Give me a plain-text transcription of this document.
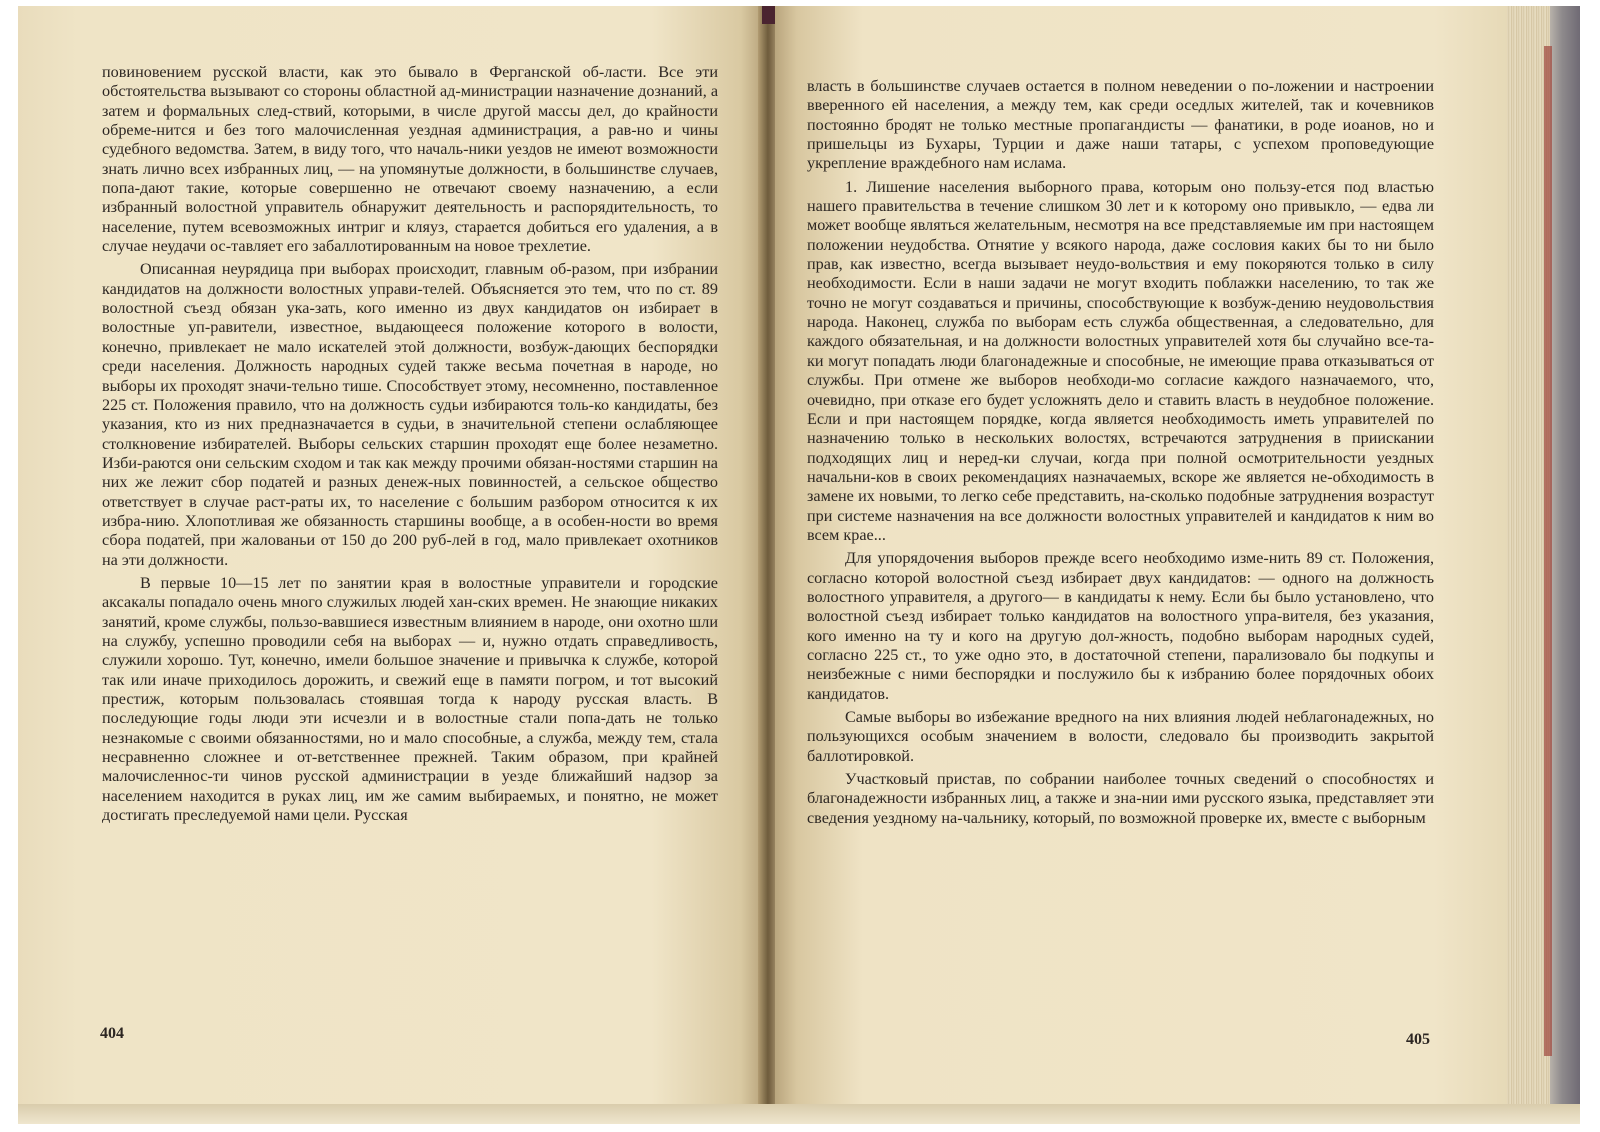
повиновением русской власти, как это бывало в Ферганской об-ласти. Все эти обстоятельства вызывают со стороны областной ад-министрации назначение дознаний, а затем и формальных след-ствий, которыми, в числе другой массы дел, до крайности обреме-нится и без того малочисленная уездная администрация, а рав-но и чины судебного ведомства. Затем, в виду того, что началь-ники уездов не имеют возможности знать лично всех избранных лиц, — на упомянутые должности, в большинстве случаев, попа-дают такие, которые совершенно не отвечают своему назначению, а если избранный волостной управитель обнаружит деятельность и распорядительность, то население, путем всевозможных интриг и кляуз, старается добиться его удаления, а в случае неудачи ос-тавляет его забаллотированным на новое трехлетие.

Описанная неурядица при выборах происходит, главным об-разом, при избрании кандидатов на должности волостных управи-телей. Объясняется это тем, что по ст. 89 волостной съезд обязан ука-зать, кого именно из двух кандидатов он избирает в волостные уп-равители, известное, выдающееся положение которого в волости, конечно, привлекает не мало искателей этой должности, возбуж-дающих беспорядки среди населения. Должность народных судей также весьма почетная в народе, но выборы их проходят значи-тельно тише. Способствует этому, несомненно, поставленное 225 ст. Положения правило, что на должность судьи избираются толь-ко кандидаты, без указания, кто из них предназначается в судьи, в значительной степени ослабляющее столкновение избирателей. Выборы сельских старшин проходят еще более незаметно. Изби-раются они сельским сходом и так как между прочими обязан-ностями старшин на них же лежит сбор податей и разных денеж-ных повинностей, а сельское общество ответствует в случае раст-раты их, то население с большим разбором относится к их избра-нию. Хлопотливая же обязанность старшины вообще, а в особен-ности во время сбора податей, при жалованьи от 150 до 200 руб-лей в год, мало привлекает охотников на эти должности.

В первые 10—15 лет по занятии края в волостные управители и городские аксакалы попадало очень много служилых людей хан-ских времен. Не знающие никаких занятий, кроме службы, пользо-вавшиеся известным влиянием в народе, они охотно шли на службу, успешно проводили себя на выборах — и, нужно отдать справедливость, служили хорошо. Тут, конечно, имели большое значение и привычка к службе, которой так или иначе приходилось дорожить, и свежий еще в памяти погром, и тот высокий престиж, которым пользовалась стоявшая тогда к народу русская власть. В последующие годы люди эти исчезли и в волостные стали попа-дать не только незнакомые с своими обязанностями, но и мало способные, а служба, между тем, стала несравненно сложнее и от-ветственнее прежней. Таким образом, при крайней малочисленнос-ти чинов русской администрации в уезде ближайший надзор за населением находится в руках лиц, им же самим выбираемых, и понятно, не может достигать преследуемой нами цели. Русская

404

власть в большинстве случаев остается в полном неведении о по-ложении и настроении вверенного ей населения, а между тем, как среди оседлых жителей, так и кочевников постоянно бродят не только местные пропагандисты — фанатики, в роде иоанов, но и пришельцы из Бухары, Турции и даже наши татары, с успехом проповедующие укрепление враждебного нам ислама.

1. Лишение населения выборного права, которым оно пользу-ется под властью нашего правительства в течение слишком 30 лет и к которому оно привыкло, — едва ли может вообще являться желательным, несмотря на все представляемые им при настоящем положении неудобства. Отнятие у всякого народа, даже сословия каких бы то ни было прав, как известно, всегда вызывает неудо-вольствия и ему покоряются только в силу необходимости. Если в наши задачи не могут входить поблажки населению, то так же точно не могут создаваться и причины, способствующие к возбуж-дению неудовольствия народа. Наконец, служба по выборам есть служба общественная, а следовательно, для каждого обязательная, и на должности волостных управителей хотя бы случайно все-та-ки могут попадать люди благонадежные и способные, не имеющие права отказываться от службы. При отмене же выборов необходи-мо согласие каждого назначаемого, что, очевидно, при отказе его будет усложнять дело и ставить власть в неудобное положение. Если и при настоящем порядке, когда является необходимость иметь управителей по назначению только в нескольких волостях, встречаются затруднения в приискании подходящих лиц и неред-ки случаи, когда при полной осмотрительности уездных начальни-ков в своих рекомендациях назначаемых, вскоре же является не-обходимость в замене их новыми, то легко себе представить, на-сколько подобные затруднения возрастут при системе назначения на все должности волостных управителей и кандидатов к ним во всем крае...

Для упорядочения выборов прежде всего необходимо изме-нить 89 ст. Положения, согласно которой волостной съезд избирает двух кандидатов: — одного на должность волостного управителя, а другого— в кандидаты к нему. Если бы было установлено, что волостной съезд избирает только кандидатов на волостного упра-вителя, без указания, кого именно на ту и кого на другую дол-жность, подобно выборам народных судей, согласно 225 ст., то уже одно это, в достаточной степени, парализовало бы подкупы и неизбежные с ними беспорядки и послужило бы к избранию более порядочных обоих кандидатов.

Самые выборы во избежание вредного на них влияния людей неблагонадежных, но пользующихся особым значением в волости, следовало бы производить закрытой баллотировкой.

Участковый пристав, по собрании наиболее точных сведений о способностях и благонадежности избранных лиц, а также и зна-нии ими русского языка, представляет эти сведения уездному на-чальнику, который, по возможной проверке их, вместе с выборным

405
